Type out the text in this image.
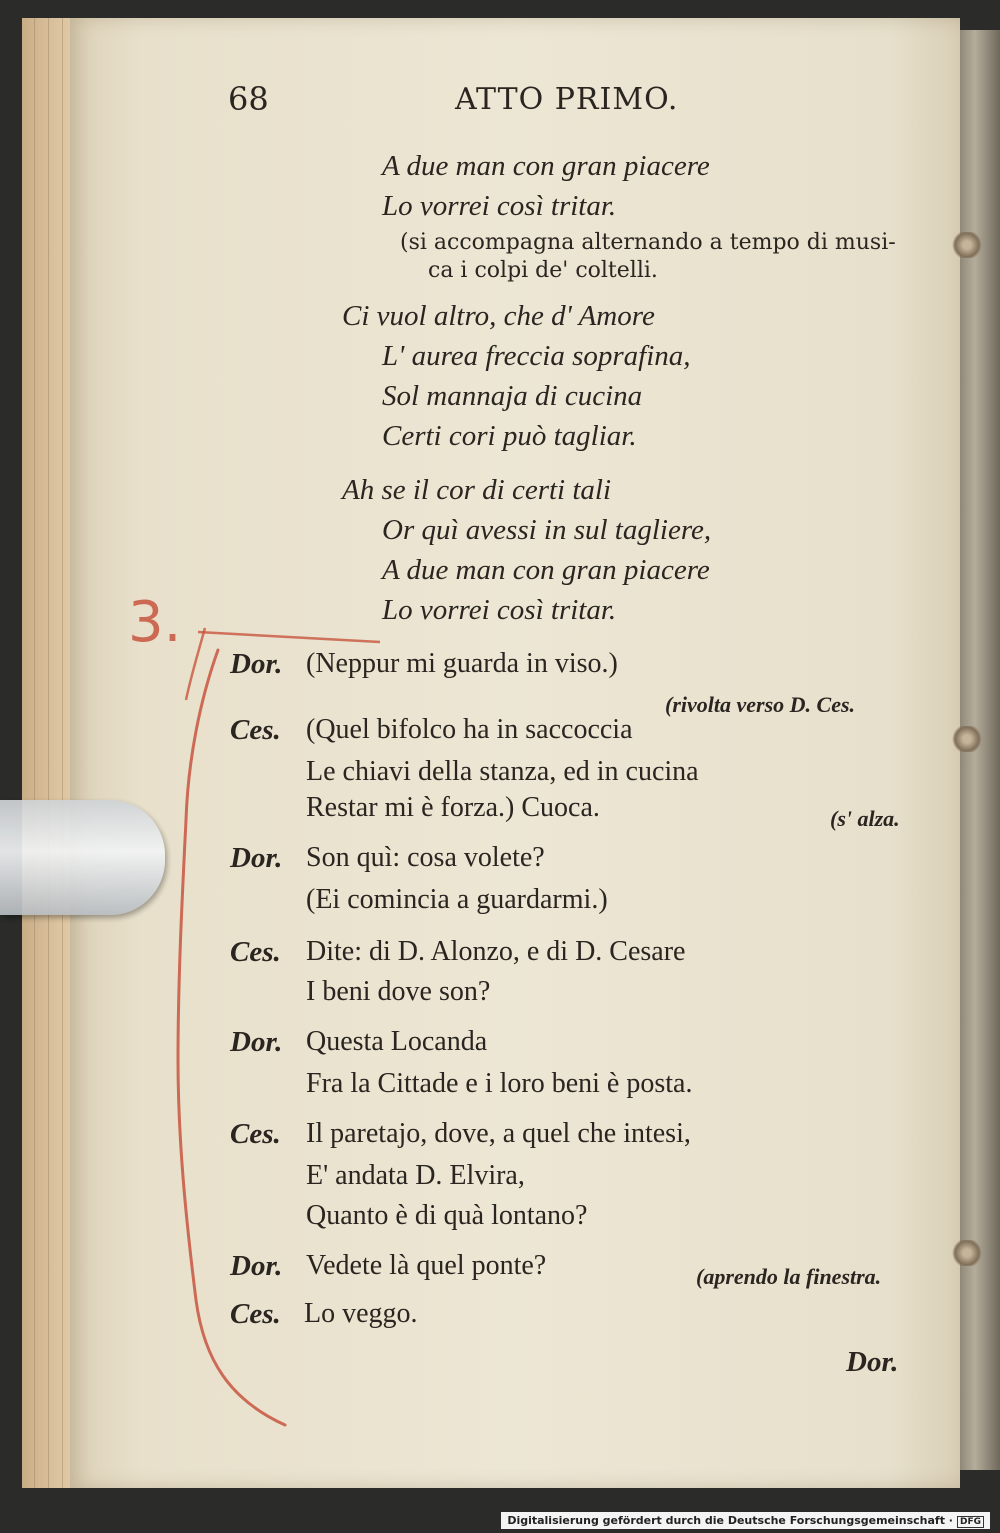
68	ATTO PRIMO.
A due man con gran piacere
Lo vorrei così tritar.
(si accompagna alternando a tempo di musi-
ca i colpi de' coltelli.
Ci vuol altro, che d' Amore
L' aurea freccia soprafina,
Sol mannaja di cucina
Certi cori può tagliar.
Ah se il cor di certi tali
Or quì avessi in sul tagliere,
A due man con gran piacere
Lo vorrei così tritar.
3.
Dor. (Neppur mi guarda in viso.)
(rivolta verso D. Ces.
Ces. (Quel bifolco ha in saccoccia
Le chiavi della stanza, ed in cucina
Restar mi è forza.) Cuoca.	(s' alza.
Dor. Son quì: cosa volete?
(Ei comincia a guardarmi.)
Ces. Dite: di D. Alonzo, e di D. Cesare
I beni dove son?
Dor. Questa Locanda
Fra la Cittade e i loro beni è posta.
Ces. Il paretajo, dove, a quel che intesi,
E' andata D. Elvira,
Quanto è di quà lontano?
Dor. Vedete là quel ponte?	(aprendo la finestra.
Ces. Lo veggo.
Dor.
Digitalisierung gefördert durch die Deutsche Forschungsgemeinschaft · DFG
